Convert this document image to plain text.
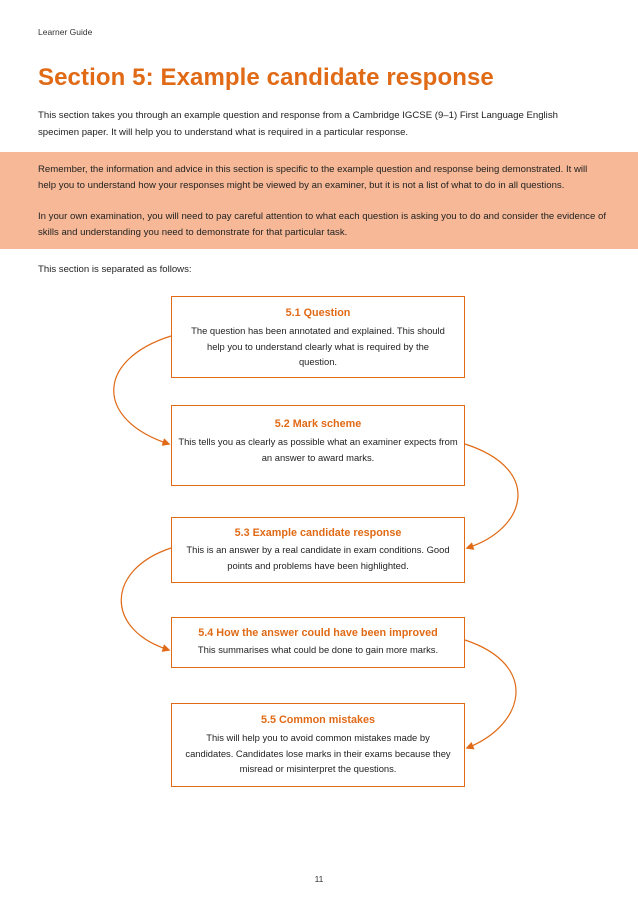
Learner Guide
Section 5: Example candidate response

This section takes you through an example question and response from a Cambridge IGCSE (9–1) First Language English specimen paper. It will help you to understand what is required in a particular response.

Remember, the information and advice in this section is specific to the example question and response being demonstrated. It will help you to understand how your responses might be viewed by an examiner, but it is not a list of what to do in all questions.

In your own examination, you will need to pay careful attention to what each question is asking you to do and consider the evidence of skills and understanding you need to demonstrate for that particular task.

This section is separated as follows:

5.1 Question

The question has been annotated and explained. This should help you to understand clearly what is required by the question.

5.2 Mark scheme

This tells you as clearly as possible what an examiner expects from an answer to award marks.

5.3 Example candidate response

This is an answer by a real candidate in exam conditions. Good points and problems have been highlighted.

5.4 How the answer could have been improved

This summarises what could be done to gain more marks.

5.5 Common mistakes

This will help you to avoid common mistakes made by candidates. Candidates lose marks in their exams because they misread or misinterpret the questions.

11
